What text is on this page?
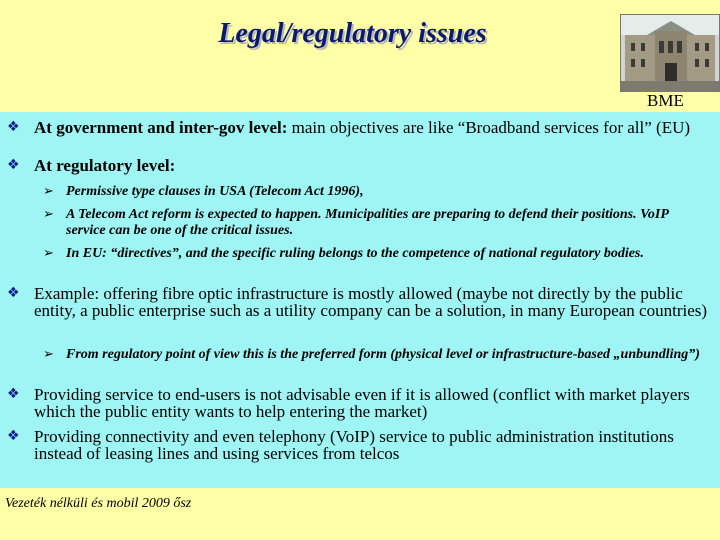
Legal/regulatory issues
BME
❖ At government and inter-gov level: main objectives are like “Broadband services for all” (EU)
❖ At regulatory level:
➢ Permissive type clauses in USA (Telecom Act 1996),
➢ A Telecom Act reform is expected to happen. Municipalities are preparing to defend their positions. VoIP service can be one of the critical issues.
➢ In EU: “directives”, and the specific ruling belongs to the competence of national regulatory bodies.
❖ Example: offering fibre optic infrastructure is mostly allowed (maybe not directly by the public entity, a public enterprise such as a utility company can be a solution, in many European countries)
➢ From regulatory point of view this is the preferred form (physical level or infrastructure-based „unbundling”)
❖ Providing service to end-users is not advisable even if it is allowed (conflict with market players which the public entity wants to help entering the market)
❖ Providing connectivity and even telephony (VoIP) service to public administration institutions instead of leasing lines and using services from telcos
Vezeték nélküli és mobil 2009 ősz
